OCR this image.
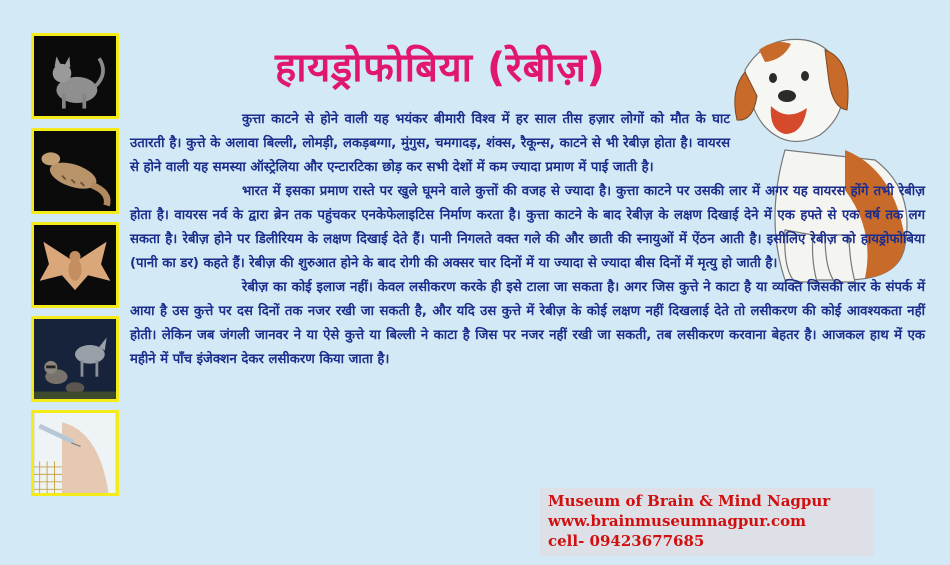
हायड्रोफोबिया (रेबीज़)

कुत्ता काटने से होने वाली यह भयंकर बीमारी विश्व में हर साल तीस हज़ार लोगों को मौत के घाट उतारती है। कुत्ते के अलावा बिल्ली, लोमड़ी, लकड़बग्गा, मुंगुस, चमगादड़, शंक्स, रैकून्स, काटने से भी रेबीज़ होता है। वायरस से होने वाली यह समस्या ऑस्ट्रेलिया और एन्टारटिका छोड़ कर सभी देशों में कम ज्यादा प्रमाण में पाई जाती है।

भारत में इसका प्रमाण रास्ते पर खुले घूमने वाले कुत्तों की वजह से ज्यादा है। कुत्ता काटने पर उसकी लार में अगर यह वायरस होंगे तभी रेबीज़ होता है। वायरस नर्व के द्वारा ब्रेन तक पहुंचकर एनकेफेलाइटिस निर्माण करता है। कुत्ता काटने के बाद रेबीज़ के लक्षण दिखाई देने में एक हफ्ते से एक वर्ष तक लग सकता है। रेबीज़ होने पर डिलीरियम के लक्षण दिखाई देते हैं। पानी निगलते वक्त गले की और छाती की स्नायुओं में ऐंठन आती है। इसीलिए रेबीज़ को हायड्रोफोबिया (पानी का डर) कहते हैं। रेबीज़ की शुरुआत होने के बाद रोगी की अक्सर चार दिनों में या ज्यादा से ज्यादा बीस दिनों में मृत्यु हो जाती है।

रेबीज़ का कोई इलाज नहीं। केवल लसीकरण करके ही इसे टाला जा सकता है। अगर जिस कुत्ते ने काटा है या व्यक्ति जिसकी लार के संपर्क में आया है उस कुत्ते पर दस दिनों तक नजर रखी जा सकती है, और यदि उस कुत्ते में रेबीज़ के कोई लक्षण नहीं दिखलाई देते तो लसीकरण की कोई आवश्यकता नहीं होती। लेकिन जब जंगली जानवर ने या ऐसे कुत्ते या बिल्ली ने काटा है जिस पर नजर नहीं रखी जा सकती, तब लसीकरण करवाना बेहतर है। आजकल हाथ में एक महीने में पाँच इंजेक्शन देकर लसीकरण किया जाता है।

Museum of Brain & Mind Nagpur
www.brainmuseumnagpur.com
cell- 09423677685
